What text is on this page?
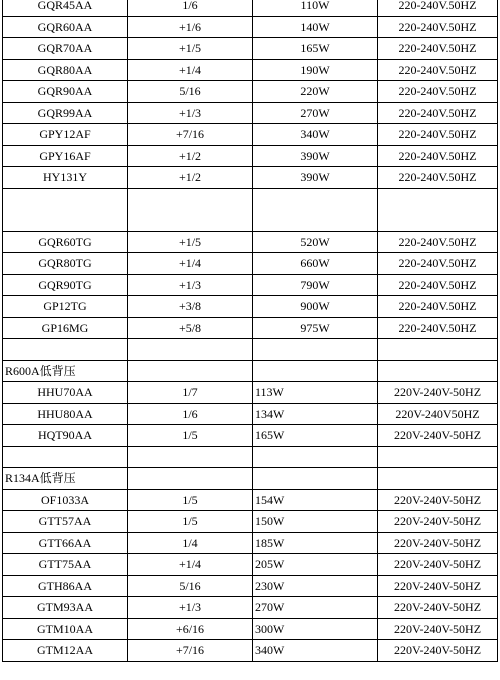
GQR45AA	1/6	110W	220-240V.50HZ
GQR60AA	+1/6	140W	220-240V.50HZ
GQR70AA	+1/5	165W	220-240V.50HZ
GQR80AA	+1/4	190W	220-240V.50HZ
GQR90AA	5/16	220W	220-240V.50HZ
GQR99AA	+1/3	270W	220-240V.50HZ
GPY12AF	+7/16	340W	220-240V.50HZ
GPY16AF	+1/2	390W	220-240V.50HZ
HY131Y	+1/2	390W	220-240V.50HZ

GQR60TG	+1/5	520W	220-240V.50HZ
GQR80TG	+1/4	660W	220-240V.50HZ
GQR90TG	+1/3	790W	220-240V.50HZ
GP12TG	+3/8	900W	220-240V.50HZ
GP16MG	+5/8	975W	220-240V.50HZ

R600A低背压			
HHU70AA	1/7	113W	220V-240V-50HZ
HHU80AA	1/6	134W	220V-240V50HZ
HQT90AA	1/5	165W	220V-240V-50HZ

R134A低背压			
OF1033A	1/5	154W	220V-240V-50HZ
GTT57AA	1/5	150W	220V-240V-50HZ
GTT66AA	1/4	185W	220V-240V-50HZ
GTT75AA	+1/4	205W	220V-240V-50HZ
GTH86AA	5/16	230W	220V-240V-50HZ
GTM93AA	+1/3	270W	220V-240V-50HZ
GTM10AA	+6/16	300W	220V-240V-50HZ
GTM12AA	+7/16	340W	220V-240V-50HZ
